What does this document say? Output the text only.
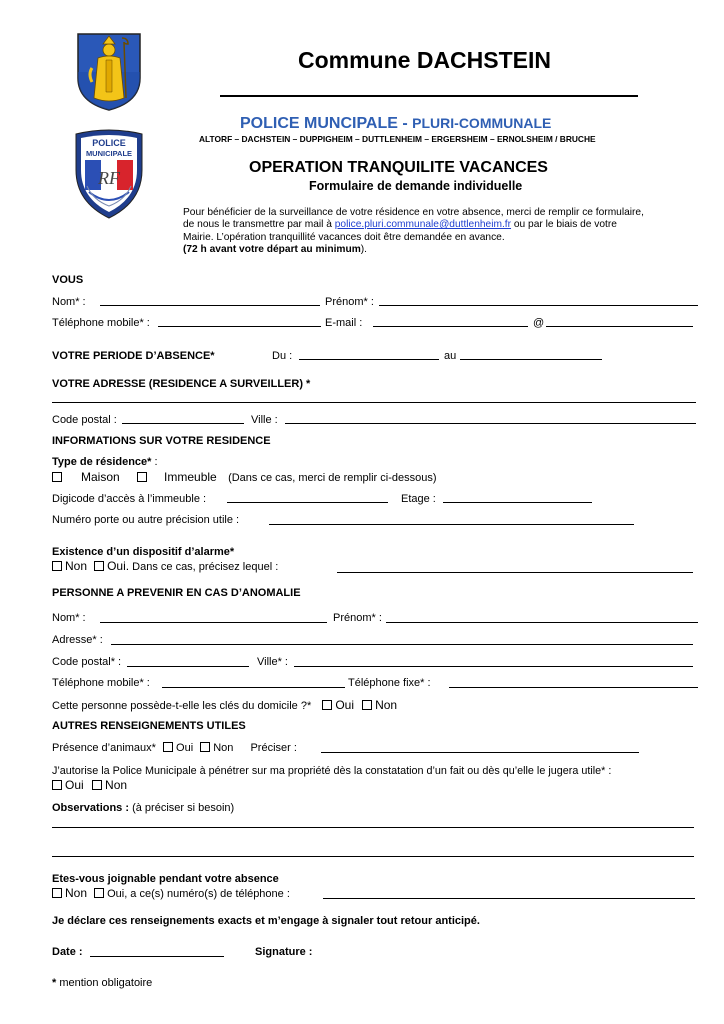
POLICE
MUNICIPALE
RF
Commune DACHSTEIN
POLICE MUNCIPALE - PLURI-COMMUNALE
ALTORF – DACHSTEIN – DUPPIGHEIM – DUTTLENHEIM – ERGERSHEIM – ERNOLSHEIM / BRUCHE
OPERATION TRANQUILITE VACANCES
Formulaire de demande individuelle
Pour bénéficier de la surveillance de votre résidence en votre absence, merci de remplir ce formulaire,
de nous le transmettre par mail à police.pluri.communale@duttlenheim.fr ou par le biais de votre
Mairie. L’opération tranquillité vacances doit être demandée en avance.
(72 h avant votre départ au minimum).
VOUS
Nom* :	Prénom* :
Téléphone mobile* :	E-mail :	@
VOTRE PERIODE D’ABSENCE*	Du :	au
VOTRE ADRESSE (RESIDENCE A SURVEILLER) *
Code postal :	Ville :
INFORMATIONS SUR VOTRE RESIDENCE
Type de résidence* :
Maison	Immeuble (Dans ce cas, merci de remplir ci-dessous)
Digicode d’accès à l’immeuble :	Etage :
Numéro porte ou autre précision utile :
Existence d’un dispositif d’alarme*
Non Oui. Dans ce cas, précisez lequel :
PERSONNE A PREVENIR EN CAS D’ANOMALIE
Nom* :	Prénom* :
Adresse* :
Code postal* :	Ville* :
Téléphone mobile* :	Téléphone fixe* :
Cette personne possède-t-elle les clés du domicile ?* Oui Non
AUTRES RENSEIGNEMENTS UTILES
Présence d’animaux* Oui Non Préciser :
J’autorise la Police Municipale à pénétrer sur ma propriété dès la constatation d’un fait ou dès qu’elle le jugera utile* :
Oui Non
Observations : (à préciser si besoin)
Etes-vous joignable pendant votre absence
Non Oui, a ce(s) numéro(s) de téléphone :
Je déclare ces renseignements exacts et m’engage à signaler tout retour anticipé.
Date :	Signature :
* mention obligatoire
